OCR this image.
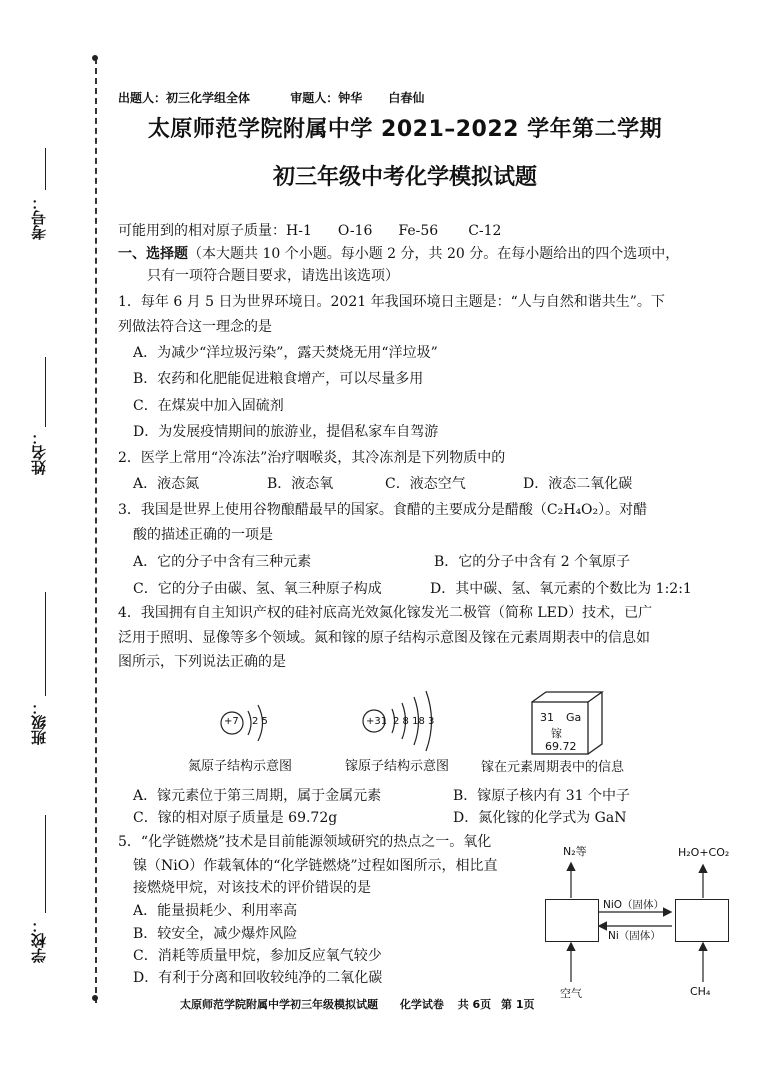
考号：
姓名：
班级：
学校：
出题人：初三化学组全体	审题人：钟华 白春仙
太原师范学院附属中学 2021–2022 学年第二学期
初三年级中考化学模拟试题
可能用到的相对原子质量：H-1 O-16 Fe-56 C-12
一、选择题（本大题共 10 个小题。每小题 2 分，共 20 分。在每小题给出的四个选项中，
只有一项符合题目要求，请选出该选项）
1．每年 6 月 5 日为世界环境日。2021 年我国环境日主题是：“人与自然和谐共生”。下
列做法符合这一理念的是
A．为减少“洋垃圾污染”，露天焚烧无用“洋垃圾”
B．农药和化肥能促进粮食增产，可以尽量多用
C．在煤炭中加入固硫剂
D．为发展疫情期间的旅游业，提倡私家车自驾游
2．医学上常用“冷冻法”治疗咽喉炎，其冷冻剂是下列物质中的
A．液态氮	B．液态氧	C．液态空气	D．液态二氧化碳
3．我国是世界上使用谷物酿醋最早的国家。食醋的主要成分是醋酸（C₂H₄O₂）。对醋
酸的描述正确的一项是
A．它的分子中含有三种元素	B．它的分子中含有 2 个氧原子
C．它的分子由碳、氢、氧三种原子构成	D．其中碳、氢、氧元素的个数比为 1:2:1
4．我国拥有自主知识产权的硅衬底高光效氮化镓发光二极管（简称 LED）技术，已广
泛用于照明、显像等多个领域。氮和镓的原子结构示意图及镓在元素周期表中的信息如
图所示，下列说法正确的是
+7 2 5	+31 2 8 18 3	31 Ga
镓
69.72
氮原子结构示意图	镓原子结构示意图 镓在元素周期表中的信息
A．镓元素位于第三周期，属于金属元素	B．镓原子核内有 31 个中子
C．镓的相对原子质量是 69.72g	D．氮化镓的化学式为 GaN
5．“化学链燃烧”技术是目前能源领域研究的热点之一。氧化
镍（NiO）作载氧体的“化学链燃烧”过程如图所示，相比直
接燃烧甲烷，对该技术的评价错误的是
A．能量损耗少、利用率高
B．较安全，减少爆炸风险
C．消耗等质量甲烷，参加反应氧气较少
D．有利于分离和回收较纯净的二氧化碳
N₂等	H₂O+CO₂
NiO（固体）
Ni（固体）
空气	CH₄
太原师范学院附属中学初三年级模拟试题 化学试卷 共 6页 第 1页
